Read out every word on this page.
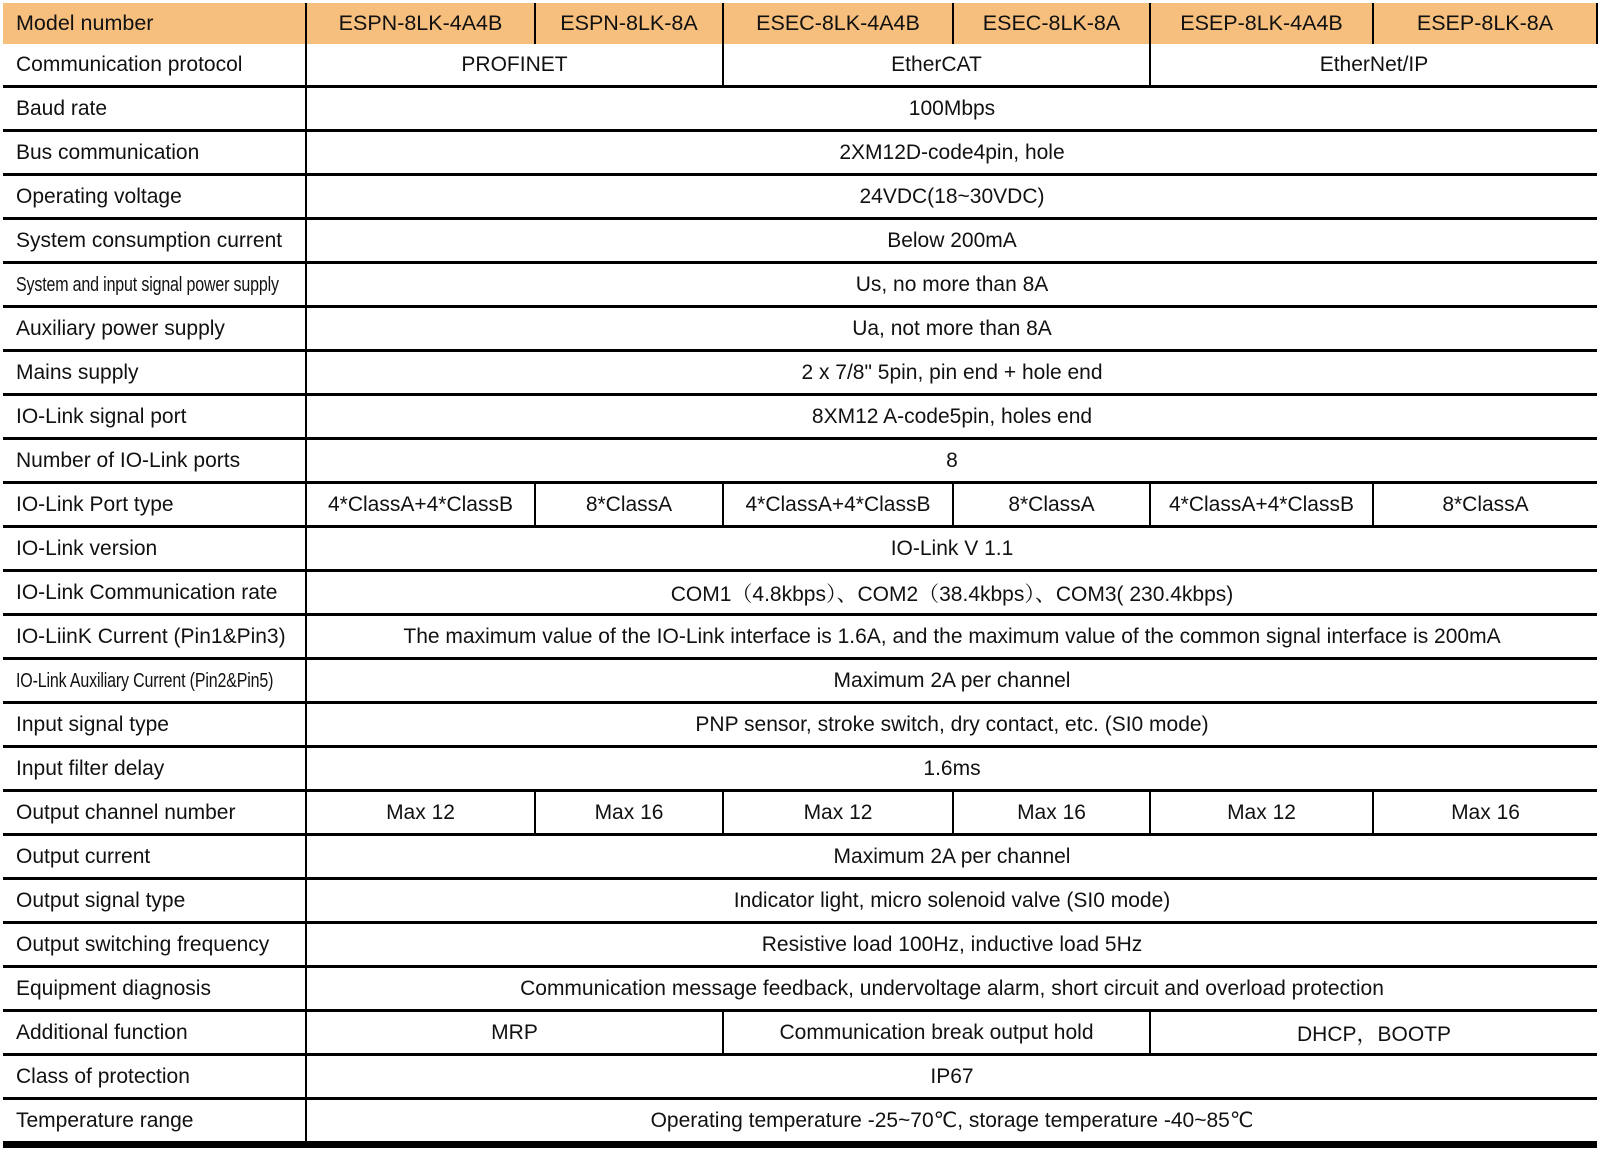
Model number	ESPN-8LK-4A4B	ESPN-8LK-8A	ESEC-8LK-4A4B	ESEC-8LK-8A	ESEP-8LK-4A4B	ESEP-8LK-8A
Communication protocol	PROFINET		EtherCAT		EtherNet/IP	
Baud rate	100Mbps					
Bus communication	2XM12D-code4pin, hole					
Operating voltage	24VDC(18~30VDC)					
System consumption current	Below 200mA					
System and input signal power supply	Us, no more than 8A					
Auxiliary power supply	Ua, not more than 8A					
Mains supply	2 x 7/8" 5pin, pin end + hole end					
IO-Link signal port	8XM12 A-code5pin, holes end					
Number of IO-Link ports	8					
IO-Link Port type	4*ClassA+4*ClassB	8*ClassA	4*ClassA+4*ClassB	8*ClassA	4*ClassA+4*ClassB	8*ClassA
IO-Link version	IO-Link V 1.1					
IO-Link Communication rate	COM1（4.8kbps）、COM2（38.4kbps）、COM3( 230.4kbps)					
IO-LiinK Current (Pin1&Pin3)	The maximum value of the IO-Link interface is 1.6A, and the maximum value of the common signal interface is 200mA					
IO-Link Auxiliary Current (Pin2&Pin5)	Maximum 2A per channel					
Input signal type	PNP sensor, stroke switch, dry contact, etc. (SI0 mode)					
Input filter delay	1.6ms					
Output channel number	Max 12	Max 16	Max 12	Max 16	Max 12	Max 16
Output current	Maximum 2A per channel					
Output signal type	Indicator light, micro solenoid valve (SI0 mode)					
Output switching frequency	Resistive load 100Hz, inductive load 5Hz					
Equipment diagnosis	Communication message feedback, undervoltage alarm, short circuit and overload protection					
Additional function	MRP		Communication break output hold		DHCP，BOOTP	
Class of protection	IP67					
Temperature range	Operating temperature -25~70℃, storage temperature -40~85℃					
